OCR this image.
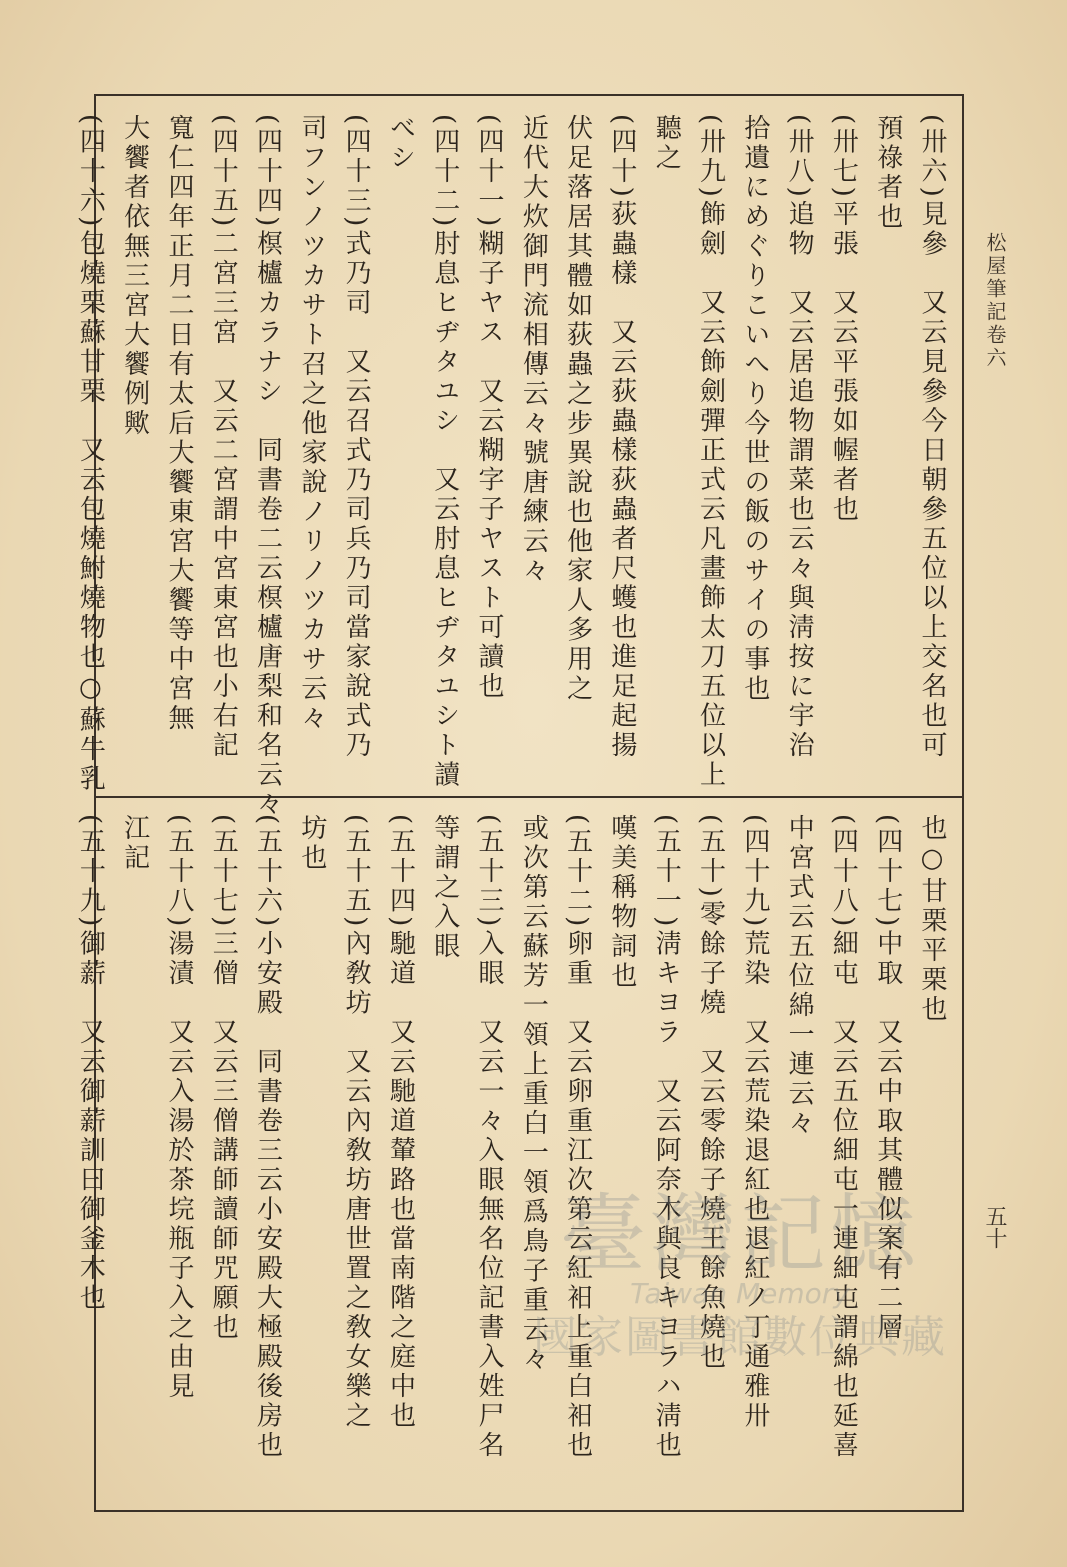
松屋筆記卷六
五十
(卅六)見參　又云見參今日朝參五位以上交名也可
預祿者也
(卅七)平張　又云平張如幄者也
(卅八)追物　又云居追物謂菜也云々與淸按に宇治
拾遺にめぐりこいへり今世の飯のサイの事也
(卅九)飾劍　又云飾劍彈正式云凡畫飾太刀五位以上
聽之
(四十)荻蟲樣　又云荻蟲樣荻蟲者尺蠖也進足起揚
伏足落居其體如荻蟲之步異說也他家人多用之
近代大炊御門流相傳云々號唐練云々
(四十一)糊子ヤス　又云糊字子ヤスト可讀也
(四十二)肘息ヒヂタユシ　又云肘息ヒヂタユシト讀
べシ
(四十三)式乃司　又云召式乃司兵乃司當家說式乃
司フンノツカサト召之他家說ノリノツカサ云々
(四十四)榠櫨カラナシ　同書卷二云榠櫨唐梨和名云々
(四十五)二宮三宮　又云二宮謂中宮東宮也小右記
寬仁四年正月二日有太后大饗東宮大饗等中宮無
大饗者依無三宮大饗例歟
(四十六)包燒栗蘇甘栗　又云包燒鮒燒物也○蘇牛乳
也○甘栗平栗也
(四十七)中取　又云中取其體似案有二層
(四十八)細屯　又云五位細屯一連細屯謂綿也延喜
中宮式云五位綿一連云々
(四十九)荒染　又云荒染退紅也退紅ノ丁通雅卅
(五十)零餘子燒　又云零餘子燒王餘魚燒也
(五十一)淸キヨラ　又云阿奈木與良キヨラハ淸也
嘆美稱物詞也
(五十二)卵重　又云卵重江次第云紅衵上重白衵也
或次第云蘇芳一領上重白一領爲鳥子重云々
(五十三)入眼　又云一々入眼無名位記書入姓尸名
等謂之入眼
(五十四)馳道　又云馳道輦路也當南階之庭中也
(五十五)內敎坊　又云內敎坊唐世置之敎女樂之
坊也
(五十六)小安殿　同書卷三云小安殿大極殿後房也
(五十七)三僧　又云三僧講師讀師咒願也
(五十八)湯漬　又云入湯於茶垸瓶子入之由見
江記
(五十九)御薪　又云御薪訓曰御釜木也	臺灣記憶
Taiwan Memory
國家圖書館數位典藏
